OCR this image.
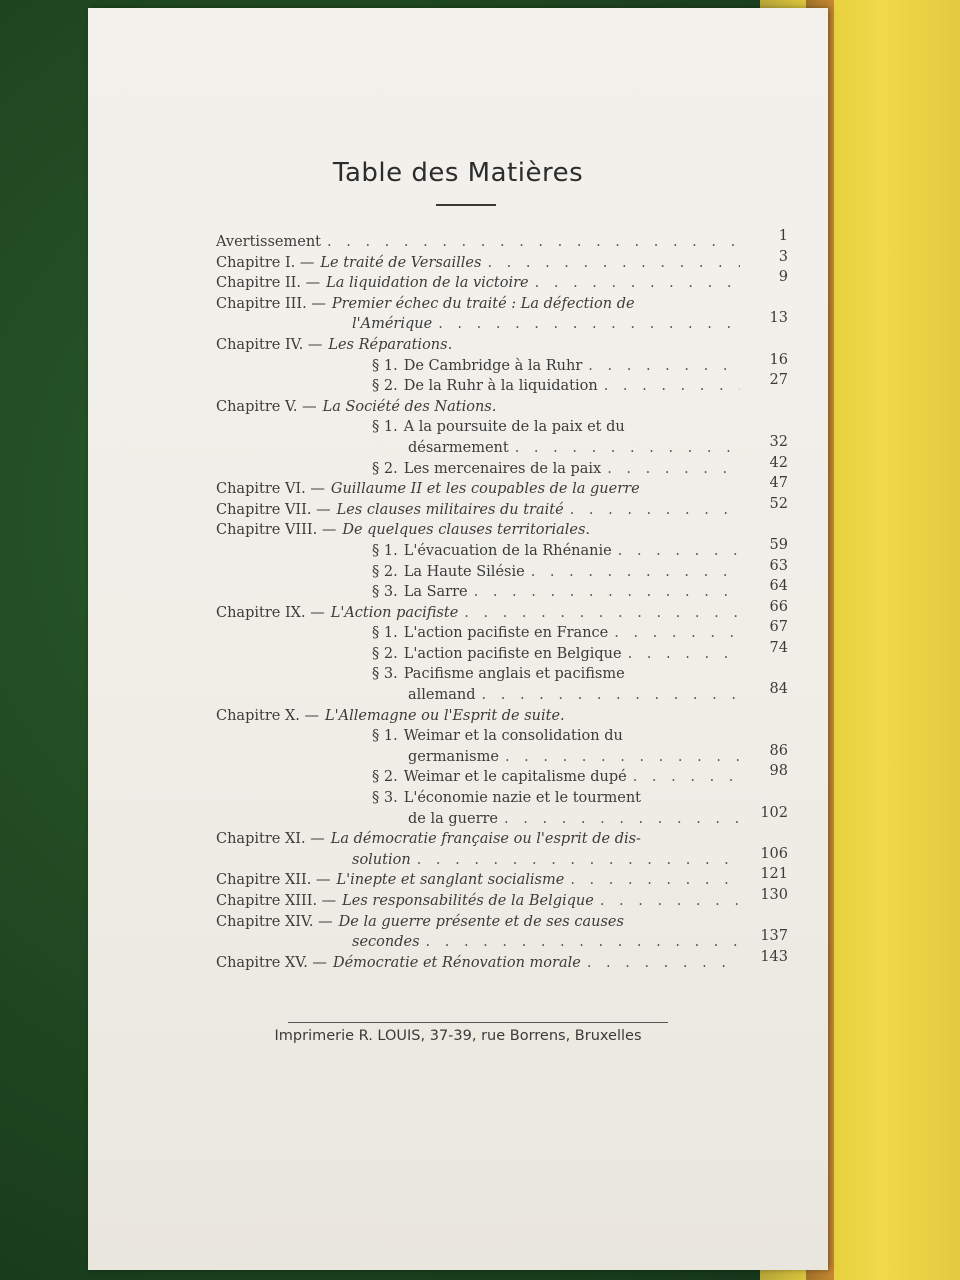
Table des Matières
Avertissement . . .	1
Chapitre I. — Le traité de Versailles . . .	3
Chapitre II. — La liquidation de la victoire . . .	9
Chapitre III. — Premier échec du traité : La défection de
l'Amérique . . .	13
Chapitre IV. — Les Réparations.
§ 1. De Cambridge à la Ruhr . . .	16
§ 2. De la Ruhr à la liquidation . . .	27
Chapitre V. — La Société des Nations.
§ 1. A la poursuite de la paix et du
désarmement . . .	32
§ 2. Les mercenaires de la paix . . .	42
Chapitre VI. — Guillaume II et les coupables de la guerre	47
Chapitre VII. — Les clauses militaires du traité . . .	52
Chapitre VIII. — De quelques clauses territoriales.
§ 1. L'évacuation de la Rhénanie . . .	59
§ 2. La Haute Silésie . . .	63
§ 3. La Sarre . . .	64
Chapitre IX. — L'Action pacifiste . . .	66
§ 1. L'action pacifiste en France . . .	67
§ 2. L'action pacifiste en Belgique . . .	74
§ 3. Pacifisme anglais et pacifisme
allemand . . .	84
Chapitre X. — L'Allemagne ou l'Esprit de suite.
§ 1. Weimar et la consolidation du
germanisme . . .	86
§ 2. Weimar et le capitalisme dupé . . .	98
§ 3. L'économie nazie et le tourment
de la guerre . . .	102
Chapitre XI. — La démocratie française ou l'esprit de dis-
solution . . .	106
Chapitre XII. — L'inepte et sanglant socialisme . . .	121
Chapitre XIII. — Les responsabilités de la Belgique . . .	130
Chapitre XIV. — De la guerre présente et de ses causes
secondes . . .	137
Chapitre XV. — Démocratie et Rénovation morale . . .	143
Imprimerie R. LOUIS, 37-39, rue Borrens, Bruxelles
